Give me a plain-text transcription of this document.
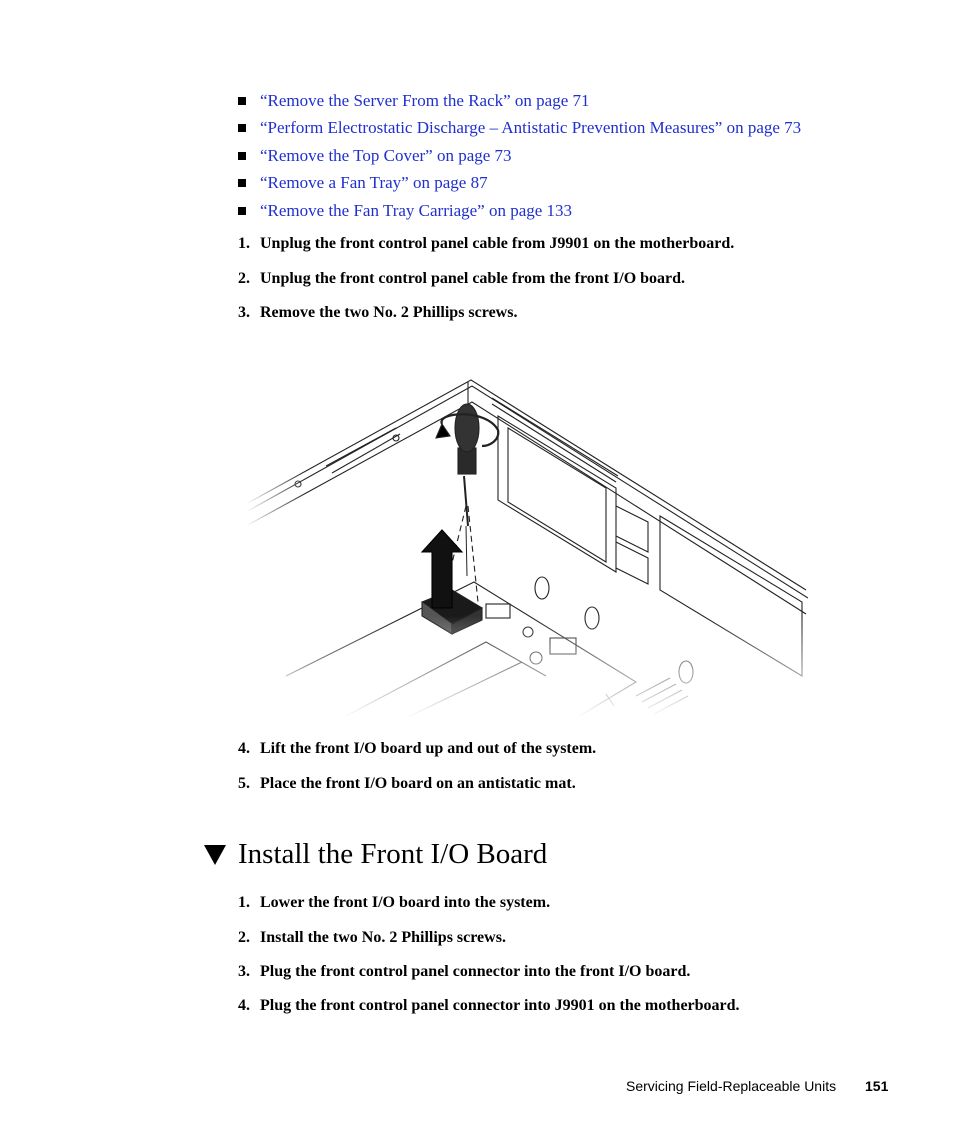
“Remove the Server From the Rack” on page 71
“Perform Electrostatic Discharge – Antistatic Prevention Measures” on page 73
“Remove the Top Cover” on page 73
“Remove a Fan Tray” on page 87
“Remove the Fan Tray Carriage” on page 133
1. Unplug the front control panel cable from J9901 on the motherboard.
2. Unplug the front control panel cable from the front I/O board.
3. Remove the two No. 2 Phillips screws.
4. Lift the front I/O board up and out of the system.
5. Place the front I/O board on an antistatic mat.
Install the Front I/O Board
1. Lower the front I/O board into the system.
2. Install the two No. 2 Phillips screws.
3. Plug the front control panel connector into the front I/O board.
4. Plug the front control panel connector into J9901 on the motherboard.
Servicing Field-Replaceable Units 151
